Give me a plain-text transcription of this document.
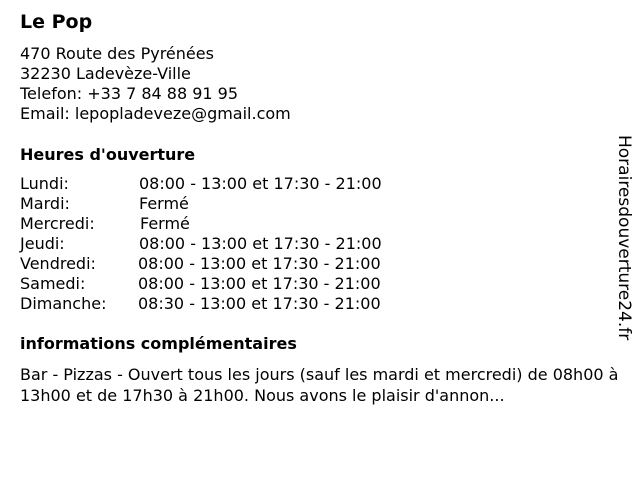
Le Pop
470 Route des Pyrénées
32230 Ladevèze-Ville
Telefon: +33 7 84 88 91 95
Email: lepopladeveze@gmail.com
Heures d'ouverture
Lundi:	08:00 - 13:00 et 17:30 - 21:00
Mardi:	Fermé
Mercredi:	Fermé
Jeudi:	08:00 - 13:00 et 17:30 - 21:00
Vendredi:	08:00 - 13:00 et 17:30 - 21:00
Samedi:	08:00 - 13:00 et 17:30 - 21:00
Dimanche: 08:30 - 13:00 et 17:30 - 21:00
informations complémentaires
Bar - Pizzas - Ouvert tous les jours (sauf les mardi et mercredi) de 08h00 à 13h00 et de 17h30 à 21h00. Nous avons le plaisir d'annon...
Horairesdouverture24.fr
